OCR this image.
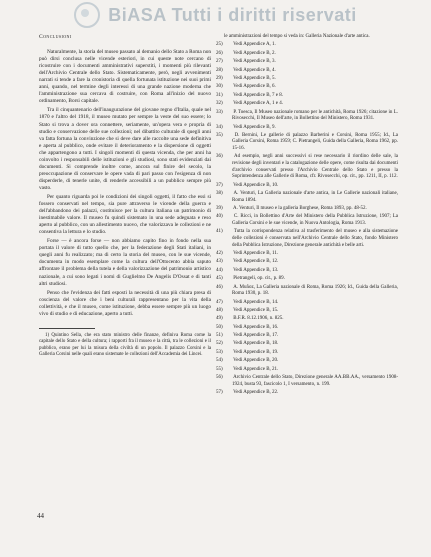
BiASA Tutti i diritti riservati
Conclusioni

Naturalmente, la storia del museo passato al demanio dello Stato a Roma non può dirsi conclusa nelle vicende esteriori, in cui queste note cercano di ricostruire con i documenti amministrativi superstiti, i momenti più rilevanti dell'Archivio Centrale dello Stato. Sistematicamente, però, negli avvenimenti narrati si tende a fare la cronistoria di quella fortunata istituzione nei suoi primi anni, quando, nel termine degli interessi di una grande nazione moderna che l'amministrazione sua cercava di costruire, con Roma all'inizio del nuovo ordinamento, Borsi capitale.

Tra il cinquantenario dell'inaugurazione del giovane regno d'Italia, quale nel 1870 e l'altro del 1918, il museo mutato per sempre la veste del suo essere; lo Stato si trova a dover ora connettere, seriamente, un'opera vera e propria di studio e conservazione delle sue collezioni; nel dibattito culturale di quegli anni va fatta fortuna la convinzione che si deve dare alle raccolte una sede definitiva e aperta al pubblico, onde evitare il deterioramento e la dispersione di oggetti che appartengono a tutti. I singoli momenti di questa vicenda, che per anni ha coinvolto i responsabili delle istituzioni e gli studiosi, sono stati evidenziati dai documenti. Si comprende inoltre come, ancora sul finire del secolo, la preoccupazione di conservare le opere vada di pari passo con l'esigenza di non disperderle, di tenerle unite, di renderle accessibili a un pubblico sempre più vasto.

Per quanto riguarda poi le condizioni dei singoli oggetti, il fatto che essi si fossero conservati nel tempo, sia pure attraverso le vicende della guerra e dell'abbandono dei palazzi, costituisce per la cultura italiana un patrimonio di inestimabile valore. Il museo fu quindi sistemato in una sede adeguata e reso aperto al pubblico, con un allestimento nuovo, che valorizzava le collezioni e ne consentiva la lettura e lo studio.

Forse — è ancora forse — non abbiamo capito fino in fondo nella sua portata il valore di tutto quello che, per la federazione degli Stati italiani, in quegli anni fu realizzato; ma di certo la storia del museo, con le sue vicende, documenta in modo esemplare come la cultura dell'Ottocento abbia saputo affrontare il problema della tutela e della valorizzazione del patrimonio artistico nazionale, a cui sono legati i nomi di Guglielmo De Angelis D'Ossat e di tanti altri studiosi.

Penso che l'evidenza dei fatti esposti la necessità di una più chiara presa di coscienza del valore che i beni culturali rappresentano per la vita della collettività, e che il museo, come istituzione, debba essere sempre più un luogo vivo di studio e di educazione, aperto a tutti.

1) Quintino Sella, che era stato ministro delle finanze, definiva Roma come la capitale dello Stato e della cultura; i rapporti fra il museo e la città, tra le collezioni e il pubblico, erano per lui la misura della civiltà di un popolo. Il palazzo Corsini e la Galleria Corsini nelle quali erano sistemate le collezioni dell'Accademia dei Lincei.

le amministrazioni del tempo si veda in: Galleria Nazionale d'arte antica.

25) Vedi Appendice A, 1.

26) Vedi Appendice B, 2.

27) Vedi Appendice B, 3.

28) Vedi Appendice B, 4.

29) Vedi Appendice B, 5.

30) Vedi Appendice B, 6.

31) Vedi Appendice B, 7 e 8.

32) Vedi Appendice A, 1 e 4.

33) P. Toesca, Il Museo nazionale romano per le antichità, Roma 1926; citazione in L. Rivosecchi, Il Museo dell'arte, in Bollettino del Ministero, Roma 1931.

34) Vedi Appendice B, 9.

35) D. Bernini, Le gallerie di palazzo Barberini e Corsini, Roma 1955; Id., La Galleria Corsini, Roma 1959; C. Pietrangeli, Guida della Galleria, Roma 1962, pp. 15-16.

36) Ad esempio, negli anni successivi si rese necessario il riordino delle sale, la revisione degli inventari e la catalogazione delle opere, come risulta dai documenti d'archivio conservati presso l'Archivio Centrale dello Stato e presso la Soprintendenza alle Gallerie di Roma, cfr. Rivosecchi, op. cit., pp. 1211, II, p. 112.

37) Vedi Appendice B, 10.

38) A. Venturi, La Galleria nazionale d'arte antica, in Le Gallerie nazionali italiane, Roma 1894.

39) A. Venturi, Il museo e la galleria Borghese, Roma 1893, pp. 48-52.

40) C. Ricci, in Bollettino d'Arte del Ministero della Pubblica Istruzione, 1907; La Galleria Corsini e le sue vicende, in Nuova Antologia, Roma 1913.

41) Tutta la corrispondenza relativa al trasferimento del museo e alla sistemazione delle collezioni è conservata nell'Archivio Centrale dello Stato, fondo Ministero della Pubblica Istruzione, Direzione generale antichità e belle arti.

42) Vedi Appendice B, 11.

43) Vedi Appendice B, 12.

44) Vedi Appendice B, 13.

45) Pietrangeli, op. cit., p. 89.

46) A. Muñoz, La Galleria nazionale di Roma, Roma 1926; Id., Guida della Galleria, Roma 1930, p. 18.

47) Vedi Appendice B, 14.

48) Vedi Appendice B, 15.

49) B.F.R. 8.12.1906, n. 825.

50) Vedi Appendice B, 16.

51) Vedi Appendice B, 17.

52) Vedi Appendice B, 18.

53) Vedi Appendice B, 19.

54) Vedi Appendice B, 20.

55) Vedi Appendice B, 21.

56) Archivio Centrale dello Stato, Direzione generale AA.BB.AA., versamento 1908-1924, busta 93, fascicolo 1, I versamento, n. 199.

57) Vedi Appendice B, 22.

44
